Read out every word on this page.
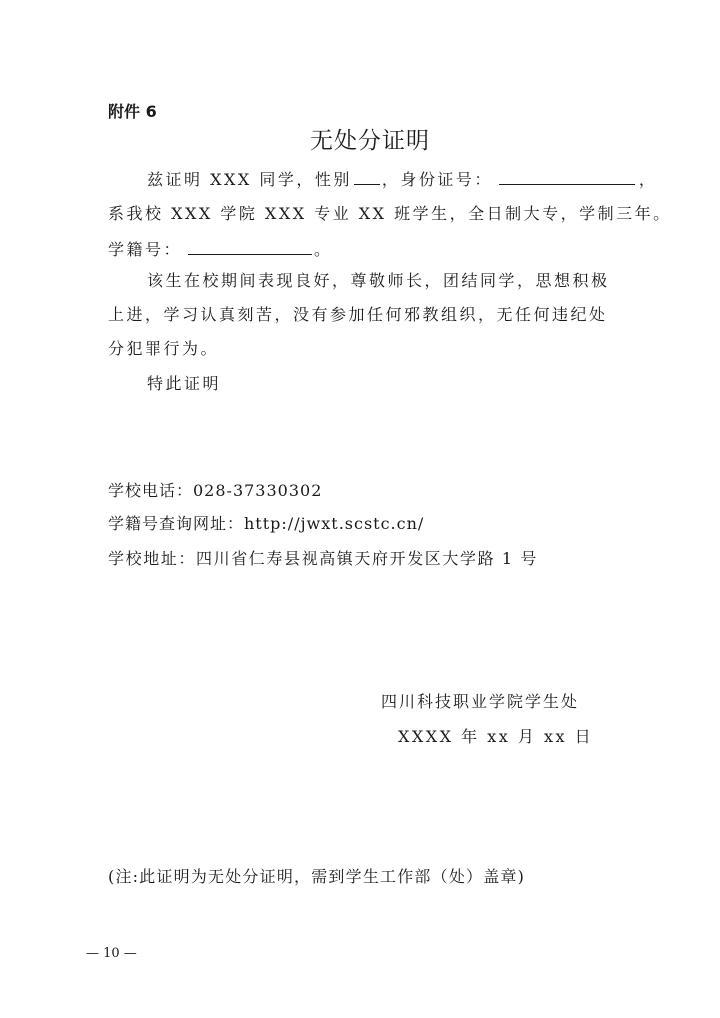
附件 6
无处分证明
兹证明 XXX 同学，性别 ，身份证号：	，
系我校 XXX 学院 XXX 专业 XX 班学生，全日制大专，学制三年。
学籍号：	。
该生在校期间表现良好，尊敬师长，团结同学，思想积极
上进，学习认真刻苦，没有参加任何邪教组织，无任何违纪处
分犯罪行为。
特此证明
学校电话：028-37330302
学籍号查询网址：http://jwxt.scstc.cn/
学校地址：四川省仁寿县视高镇天府开发区大学路 1 号
四川科技职业学院学生处
XXXX 年 xx 月 xx 日
(注:此证明为无处分证明，需到学生工作部（处）盖章)
— 10 —
